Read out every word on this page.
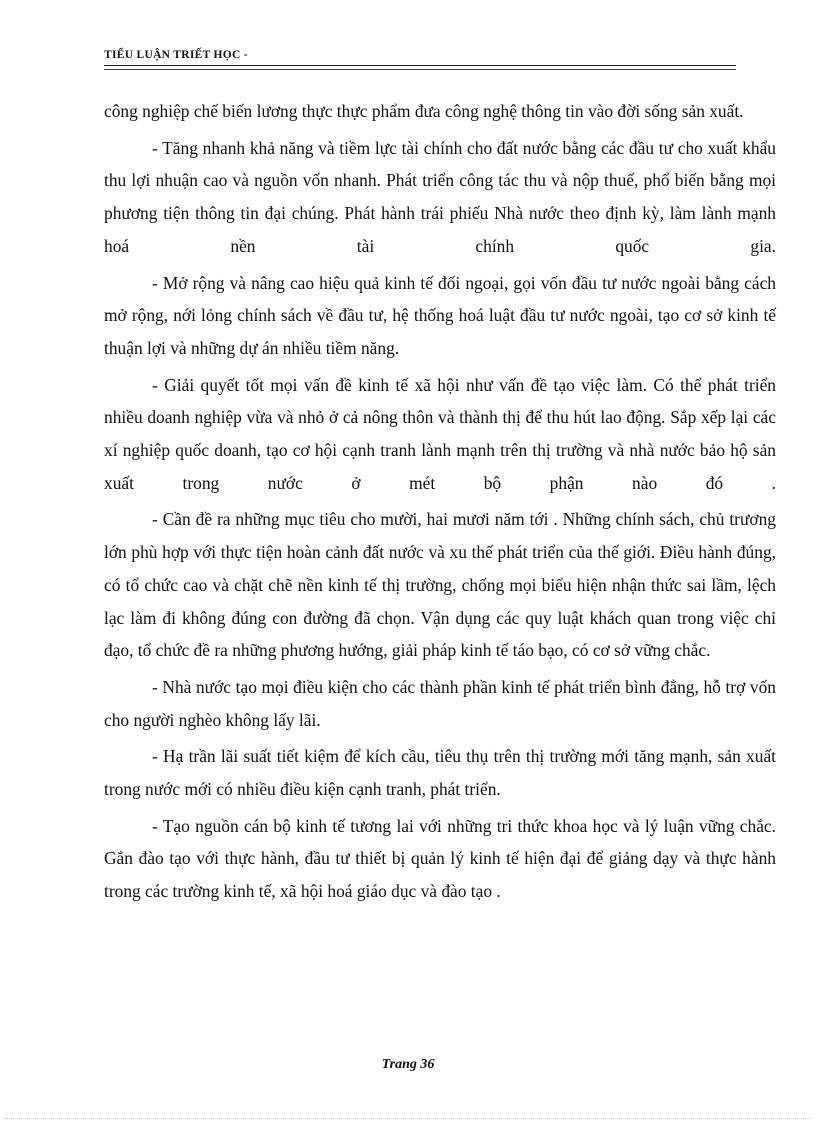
TIỂU LUẬN TRIẾT HỌC -

công nghiệp chế biến lương thực thực phẩm đưa công nghệ thông tin vào đời sống sản xuất.

- Tăng nhanh khả năng và tiềm lực tài chính cho đất nước bằng các đầu tư cho xuất khẩu thu lợi nhuận cao và nguồn vốn nhanh. Phát triển công tác thu và nộp thuế, phổ biến bằng mọi phương tiện thông tin đại chúng. Phát hành trái phiếu Nhà nước theo định kỳ, làm lành mạnh hoá nền tài chính quốc gia.

- Mở rộng và nâng cao hiệu quả kinh tế đối ngoại, gọi vốn đầu tư nước ngoài bằng cách mở rộng, nới lỏng chính sách về đầu tư, hệ thống hoá luật đầu tư nước ngoài, tạo cơ sở kinh tế thuận lợi và những dự án nhiều tiềm năng.

- Giải quyết tốt mọi vấn đề kinh tế xã hội như vấn đề tạo việc làm. Có thể phát triển nhiều doanh nghiệp vừa và nhỏ ở cả nông thôn và thành thị để thu hút lao động. Sắp xếp lại các xí nghiệp quốc doanh, tạo cơ hội cạnh tranh lành mạnh trên thị trường và nhà nước bảo hộ sản xuất trong nước ở mét bộ phận nào đó .

- Cần đề ra những mục tiêu cho mười, hai mươi năm tới . Những chính sách, chủ trương lớn phù hợp với thực tiện hoàn cảnh đất nước và xu thế phát triển của thế giới. Điều hành đúng, có tổ chức cao và chặt chẽ nền kinh tế thị trường, chống mọi biểu hiện nhận thức sai lầm, lệch lạc làm đi không đúng con đường đã chọn. Vận dụng các quy luật khách quan trong việc chỉ đạo, tổ chức đề ra những phương hướng, giải pháp kinh tế táo bạo, có cơ sở vững chắc.

- Nhà nước tạo mọi điều kiện cho các thành phần kinh tế phát triển bình đẳng, hỗ trợ vốn cho người nghèo không lấy lãi.

- Hạ trần lãi suất tiết kiệm để kích cầu, tiêu thụ trên thị trường mới tăng mạnh, sản xuất trong nước mới có nhiều điều kiện cạnh tranh, phát triển.

- Tạo nguồn cán bộ kinh tế tương lai với những tri thức khoa học và lý luận vững chắc. Gắn đào tạo với thực hành, đầu tư thiết bị quản lý kinh tế hiện đại để giảng dạy và thực hành trong các trường kinh tế, xã hội hoá giáo dục và đào tạo .

Trang 36
